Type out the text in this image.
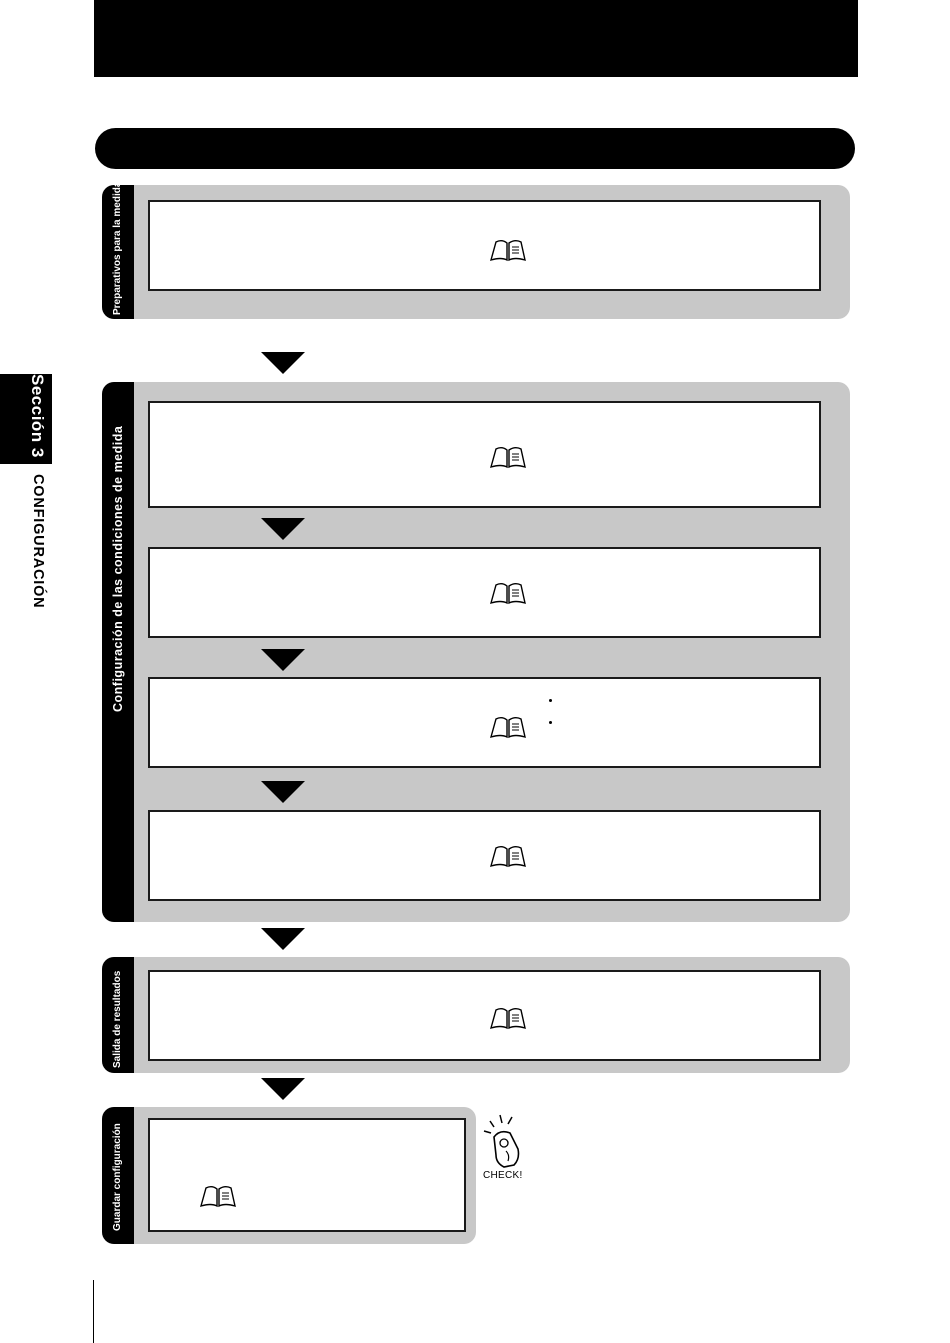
Sección 3
CONFIGURACIÓN
Preparativos para la medida
Configuración de las condiciones de medida
Salida de resultados
Guardar configuración	CHECK!
